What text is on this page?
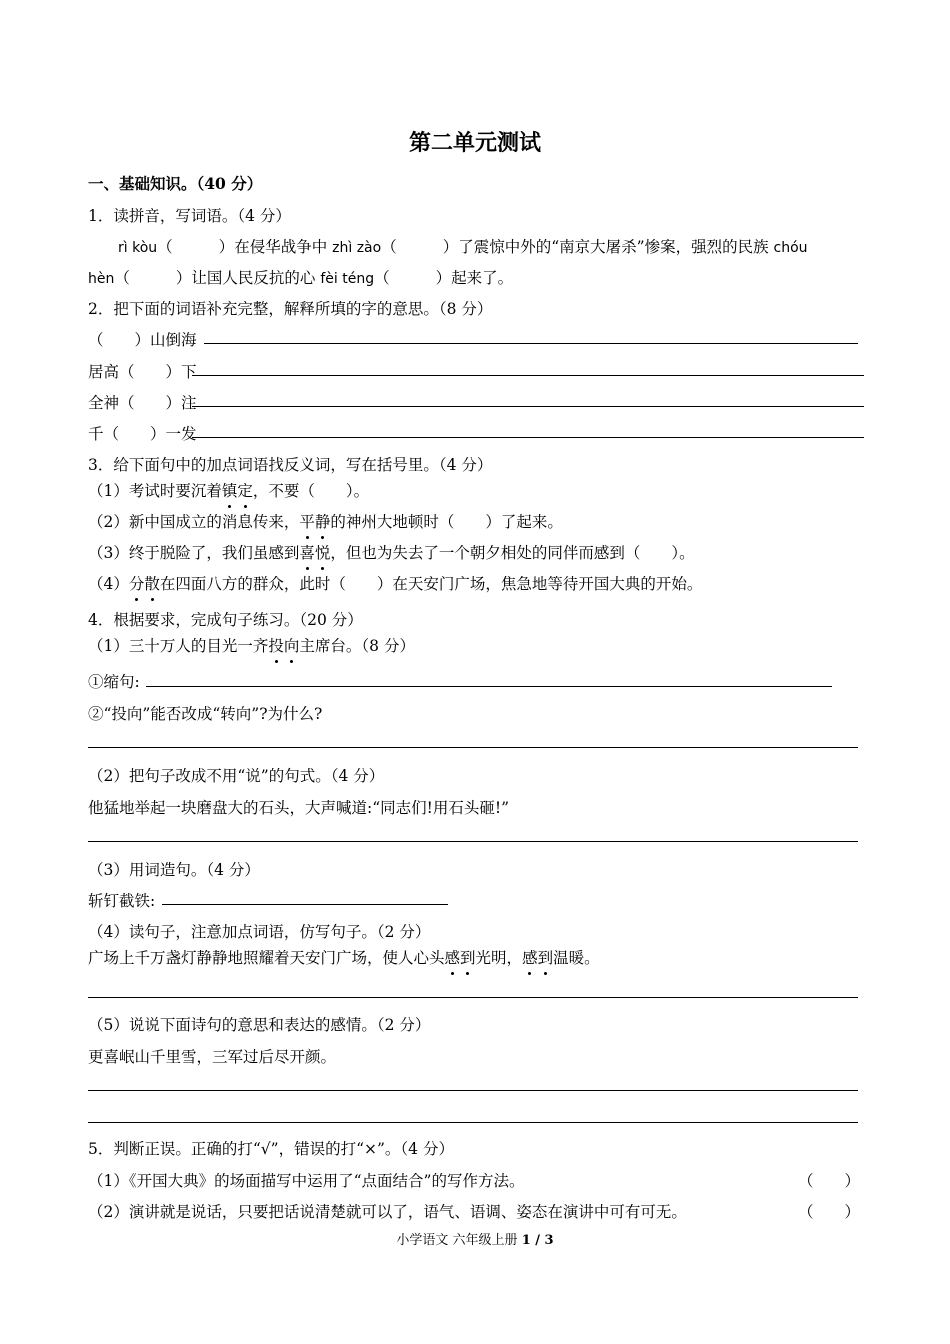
第二单元测试
一、基础知识。（40 分）
1．读拼音，写词语。（4 分）
rì kòu（	）在侵华战争中 zhì zào（	）了震惊中外的“南京大屠杀”惨案，强烈的民族 chóu
hèn（	）让国人民反抗的心 fèi téng（	）起来了。
2．把下面的词语补充完整，解释所填的字的意思。（8 分）
（　　）山倒海
居高（　　）下
全神（　　）注
千（　　）一发
3．给下面句中的加点词语找反义词，写在括号里。（4 分）
（1）考试时要沉着镇定，不要（　　）。
（2）新中国成立的消息传来，平静的神州大地顿时（　　）了起来。
（3）终于脱险了，我们虽感到喜悦，但也为失去了一个朝夕相处的同伴而感到（　　）。
（4）分散在四面八方的群众，此时（　　）在天安门广场，焦急地等待开国大典的开始。
4．根据要求，完成句子练习。（20 分）
（1）三十万人的目光一齐投向主席台。（8 分）
①缩句:
②“投向”能否改成“转向”?为什么?
（2）把句子改成不用“说”的句式。（4 分）
他猛地举起一块磨盘大的石头，大声喊道:“同志们!用石头砸!”
（3）用词造句。（4 分）
斩钉截铁:
（4）读句子，注意加点词语，仿写句子。（2 分）
广场上千万盏灯静静地照耀着天安门广场，使人心头感到光明，感到温暖。
（5）说说下面诗句的意思和表达的感情。（2 分）
更喜岷山千里雪，三军过后尽开颜。
5．判断正误。正确的打“√”，错误的打“×”。（4 分）
（1）《开国大典》的场面描写中运用了“点面结合”的写作方法。	（　　）
（2）演讲就是说话，只要把话说清楚就可以了，语气、语调、姿态在演讲中可有可无。	（　　）
小学语文 六年级上册 1 / 3
